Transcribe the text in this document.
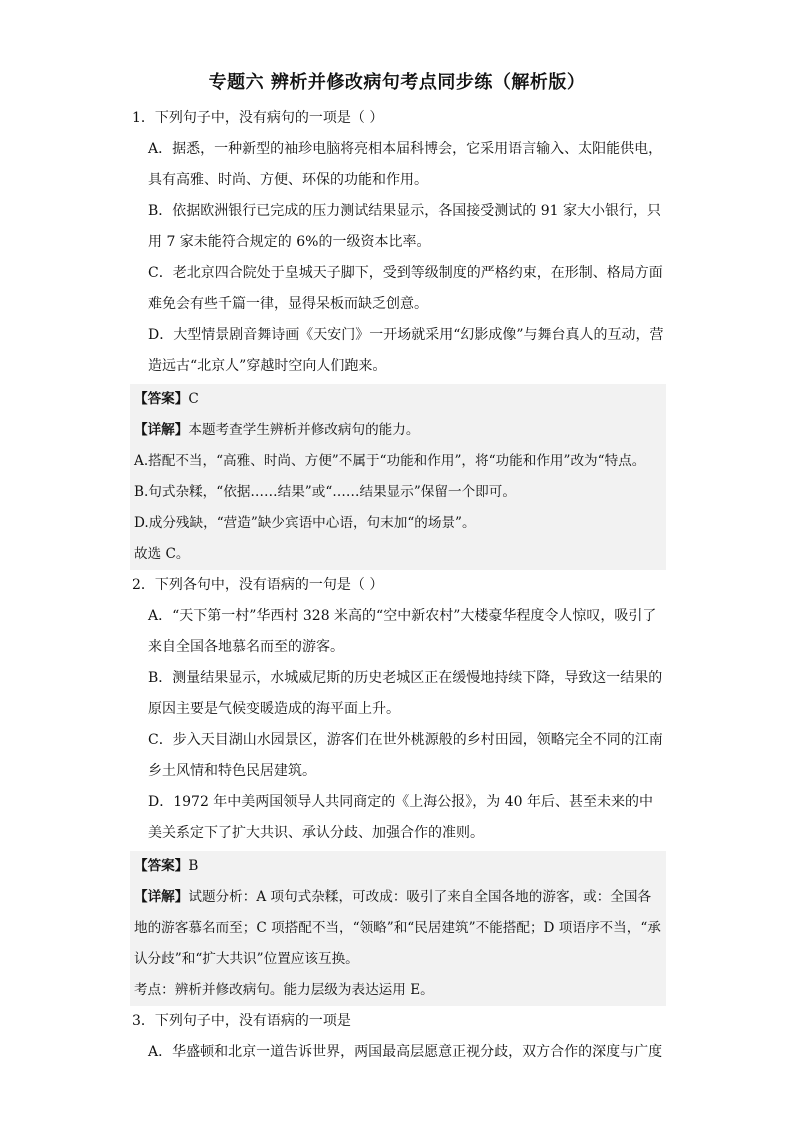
专题六 辨析并修改病句考点同步练（解析版）

1．下列句子中，没有病句的一项是（ ）

A．据悉，一种新型的袖珍电脑将亮相本届科博会，它采用语言输入、太阳能供电，具有高雅、时尚、方便、环保的功能和作用。

B．依据欧洲银行已完成的压力测试结果显示，各国接受测试的 91 家大小银行，只用 7 家未能符合规定的 6%的一级资本比率。

C．老北京四合院处于皇城天子脚下，受到等级制度的严格约束，在形制、格局方面难免会有些千篇一律，显得呆板而缺乏创意。

D．大型情景剧音舞诗画《天安门》一开场就采用“幻影成像”与舞台真人的互动，营造远古“北京人”穿越时空向人们跑来。

【答案】C

【详解】本题考查学生辨析并修改病句的能力。

A.搭配不当，“高雅、时尚、方便”不属于“功能和作用”，将“功能和作用”改为“特点。

B.句式杂糅，“依据……结果”或“……结果显示”保留一个即可。

D.成分残缺，“营造”缺少宾语中心语，句末加“的场景”。

故选 C。

2．下列各句中，没有语病的一句是（ ）

A．“天下第一村”华西村 328 米高的“空中新农村”大楼豪华程度令人惊叹，吸引了来自全国各地慕名而至的游客。

B．测量结果显示，水城威尼斯的历史老城区正在缓慢地持续下降，导致这一结果的原因主要是气候变暖造成的海平面上升。

C．步入天目湖山水园景区，游客们在世外桃源般的乡村田园，领略完全不同的江南乡土风情和特色民居建筑。

D．1972 年中美两国领导人共同商定的《上海公报》，为 40 年后、甚至未来的中美关系定下了扩大共识、承认分歧、加强合作的准则。

【答案】B

【详解】试题分析：A 项句式杂糅，可改成：吸引了来自全国各地的游客，或：全国各地的游客慕名而至；C 项搭配不当，“领略”和“民居建筑”不能搭配；D 项语序不当，“承认分歧”和“扩大共识”位置应该互换。

考点：辨析并修改病句。能力层级为表达运用 E。

3．下列句子中，没有语病的一项是

A．华盛顿和北京一道告诉世界，两国最高层愿意正视分歧，双方合作的深度与广度
